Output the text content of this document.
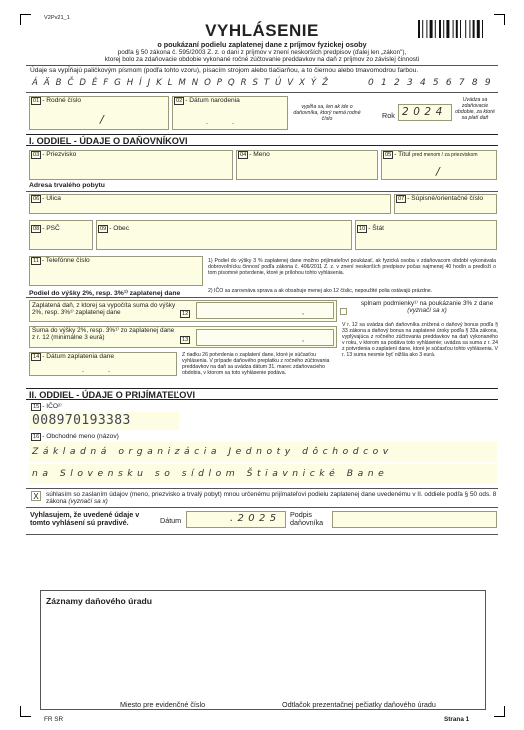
V2Pv21_1
VYHLÁSENIE
o poukázaní podielu zaplatenej dane z príjmov fyzickej osoby
podľa § 50 zákona č. 595/2003 Z. z. o dani z príjmov v znení neskorších predpisov (ďalej len „zákon"),
ktorej bolo za zdaňovacie obdobie vykonané ročné zúčtovanie preddavkov na daň z príjmov zo závislej činnosti
Údaje sa vypĺňajú paličkovým písmom (podľa tohto vzoru), písacím strojom alebo tlačiarňou, a to čiernou alebo tmavomodrou farbou.
Á Ä B Č D É F G H Í J K L M N O P Q R S T Ú V X Ý Ž	0 1 2 3 4 5 6 7 8 9
01 - Rodné číslo
/
02 - Dátum narodenia
.	.
vypĺňa sa, len ak ide o daňovníka, ktorý nemá rodné číslo	Rok 2 0 2 4
Uvádza sa zdaňovacie obdobie, za ktoré sa platí daň
I. ODDIEL - ÚDAJE O DAŇOVNÍKOVI
03 - Priezvisko	04 - Meno	05 - Titul pred menom / za priezviskom
/
Adresa trvalého pobytu
06 - Ulica	07 - Súpisné/orientačné číslo
08 - PSČ	09 - Obec	10 - Štát
11 - Telefónne číslo	1) Podiel do výšky 3 % zaplatenej dane možno prijímateľovi poukázať, ak fyzická osoba v zdaňovacom období vykonávala dobrovoľnícku činnosť podľa zákona č. 406/2011 Z. z. v znení neskorších predpisov počas najmenej 40 hodín a predloží o tom písomné potvrdenie, ktoré je prílohou tohto vyhlásenia.
2) IČO sa zarovnáva sprava a ak obsahuje menej ako 12 číslic, nepoužité polia ostávajú prázdne.
Podiel do výšky 2%, resp. 3%¹⁾ zaplatenej dane
Zaplatená daň, z ktorej sa vypočíta suma do výšky 2%, resp. 3%¹⁾ zaplatenej dane	12	,
splnam podmienky¹⁾ na poukázanie 3% z dane (vyznačí sa x)
Suma do výšky 2%, resp. 3%¹⁾ zo zaplatenej dane z r. 12 (minimálne 3 eurá)	13	,
V r. 12 sa uvádza daň daňovníka znížená o daňový bonus podľa § 33 zákona a daňový bonus na zaplatené úroky podľa § 33a zákona, vyplývajúca z ročného zúčtovania preddavkov na daň vykonaného v roku, v ktorom sa podáva toto vyhlásenie; uvádza sa suma z r. 24 z potvrdenia o zaplatení dane, ktoré je súčasťou tohto vyhlásenia. V r. 13 suma nesmie byť nižšia ako 3 eurá.
14 - Dátum zaplatenia dane
.	.
Z riadku 26 potvrdenia o zaplatení dane, ktoré je súčasťou vyhlásenia. V prípade daňového preplatku z ročného zúčtovania preddavkov na daň sa uvádza dátum 31. marec zdaňovacieho obdobia, v ktorom sa toto vyhlásenie podáva.
II. ODDIEL - ÚDAJE O PRIJÍMATEĽOVI
15 - IČO²⁾
008970193383
16 - Obchodné meno (názov)
Z á k l a d n á   o r g a n i z á c i a   J e d n o t y   d ô c h o d c o v
n a   S l o v e n s k u   s o   s í d l o m   Š t i a v n i c k é   B a n e
X	súhlasím so zaslaním údajov (meno, priezvisko a trvalý pobyt) mnou určenému prijímateľovi podielu zaplatenej dane uvedenému v II. oddiele podľa § 50 ods. 8 zákona (vyznačí sa x)
Vyhlasujem, že uvedené údaje v tomto vyhlásení sú pravdivé.	Dátum	. 2 0 2 5 Podpis daňovníka
Záznamy daňového úradu
Miesto pre evidenčné číslo	Odtlačok prezentačnej pečiatky daňového úradu
FR SR	Strana 1
